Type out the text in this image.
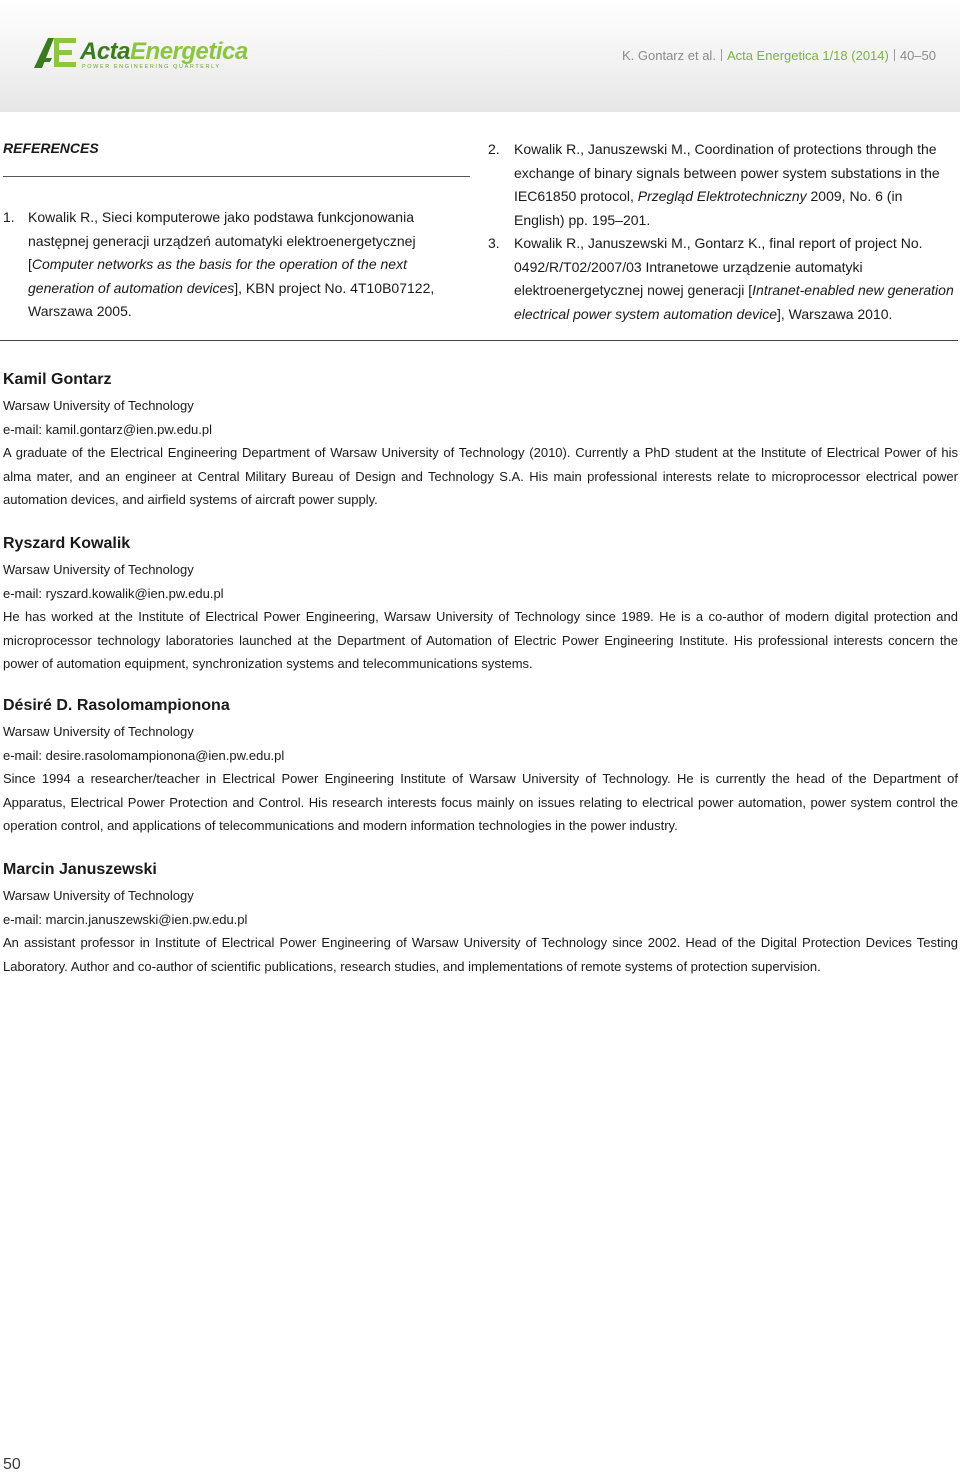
ActaEnergetica
POWER ENGINEERING QUARTERLY
K. Gontarz et al. Acta Energetica 1/18 (2014) 40–50
REFERENCES
1. Kowalik R., Sieci komputerowe jako podstawa funkcjonowania następnej generacji urządzeń automatyki elektroenergetycznej [Computer networks as the basis for the operation of the next generation of automation devices], KBN project No. 4T10B07122, Warszawa 2005.
2. Kowalik R., Januszewski M., Coordination of protections through the exchange of binary signals between power system substations in the IEC61850 protocol, Przegląd Elektrotechniczny 2009, No. 6 (in English) pp. 195–201.
3. Kowalik R., Januszewski M., Gontarz K., final report of project No. 0492/R/T02/2007/03 Intranetowe urządzenie automatyki elektroenergetycznej nowej generacji [Intranet-enabled new generation electrical power system automation device], Warszawa 2010.
Kamil Gontarz
Warsaw University of Technology
e-mail: kamil.gontarz@ien.pw.edu.pl
A graduate of the Electrical Engineering Department of Warsaw University of Technology (2010). Currently a PhD student at the Institute of Electrical Power of his alma mater, and an engineer at Central Military Bureau of Design and Technology S.A. His main professional interests relate to microprocessor electrical power automation devices, and airfield systems of aircraft power supply.
Ryszard Kowalik
Warsaw University of Technology
e-mail: ryszard.kowalik@ien.pw.edu.pl
He has worked at the Institute of Electrical Power Engineering, Warsaw University of Technology since 1989. He is a co-author of modern digital protection and microprocessor technology laboratories launched at the Department of Automation of Electric Power Engineering Institute. His professional interests concern the power of automation equipment, synchronization systems and telecommunications systems.
Désiré D. Rasolomampionona
Warsaw University of Technology
e-mail: desire.rasolomampionona@ien.pw.edu.pl
Since 1994 a researcher/teacher in Electrical Power Engineering Institute of Warsaw University of Technology. He is currently the head of the Department of Apparatus, Electrical Power Protection and Control. His research interests focus mainly on issues relating to electrical power automation, power system control the operation control, and applications of telecommunications and modern information technologies in the power industry.
Marcin Januszewski
Warsaw University of Technology
e-mail: marcin.januszewski@ien.pw.edu.pl
An assistant professor in Institute of Electrical Power Engineering of Warsaw University of Technology since 2002. Head of the Digital Protection Devices Testing Laboratory. Author and co-author of scientific publications, research studies, and implementations of remote systems of protection supervision.
50
